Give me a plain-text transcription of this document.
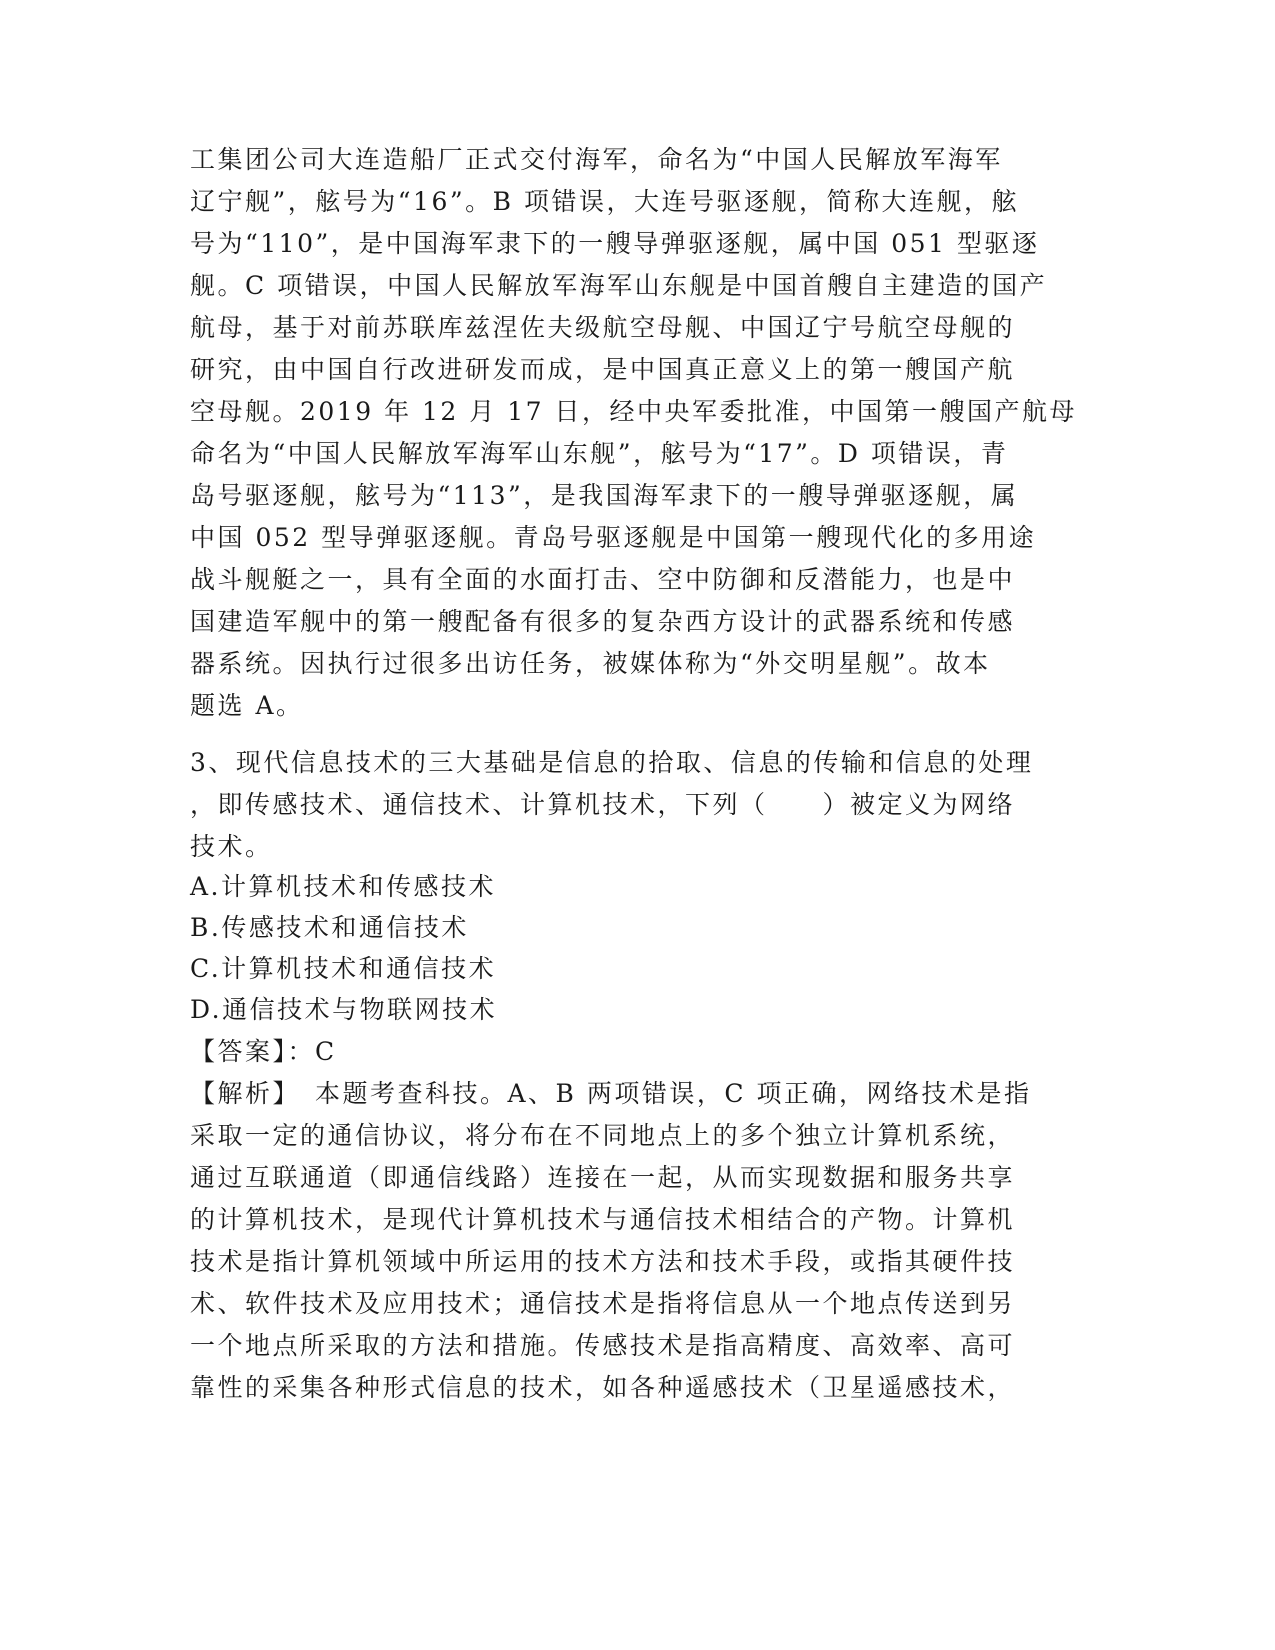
工集团公司大连造船厂正式交付海军，命名为“中国人民解放军海军
辽宁舰”，舷号为“16”。B 项错误，大连号驱逐舰，简称大连舰，舷
号为“110”，是中国海军隶下的一艘导弹驱逐舰，属中国 051 型驱逐
舰。C 项错误，中国人民解放军海军山东舰是中国首艘自主建造的国产
航母，基于对前苏联库兹涅佐夫级航空母舰、中国辽宁号航空母舰的
研究，由中国自行改进研发而成，是中国真正意义上的第一艘国产航
空母舰。2019 年 12 月 17 日，经中央军委批准，中国第一艘国产航母
命名为“中国人民解放军海军山东舰”，舷号为“17”。D 项错误，青
岛号驱逐舰，舷号为“113”，是我国海军隶下的一艘导弹驱逐舰，属
中国 052 型导弹驱逐舰。青岛号驱逐舰是中国第一艘现代化的多用途
战斗舰艇之一，具有全面的水面打击、空中防御和反潜能力，也是中
国建造军舰中的第一艘配备有很多的复杂西方设计的武器系统和传感
器系统。因执行过很多出访任务，被媒体称为“外交明星舰”。故本
题选 A。
3、现代信息技术的三大基础是信息的拾取、信息的传输和信息的处理
，即传感技术、通信技术、计算机技术，下列（　　）被定义为网络
技术。
A.计算机技术和传感技术
B.传感技术和通信技术
C.计算机技术和通信技术
D.通信技术与物联网技术
【答案】：C
【解析】　本题考查科技。A、B 两项错误，C 项正确，网络技术是指
采取一定的通信协议，将分布在不同地点上的多个独立计算机系统，
通过互联通道（即通信线路）连接在一起，从而实现数据和服务共享
的计算机技术，是现代计算机技术与通信技术相结合的产物。计算机
技术是指计算机领域中所运用的技术方法和技术手段，或指其硬件技
术、软件技术及应用技术；通信技术是指将信息从一个地点传送到另
一个地点所采取的方法和措施。传感技术是指高精度、高效率、高可
靠性的采集各种形式信息的技术，如各种遥感技术（卫星遥感技术，
